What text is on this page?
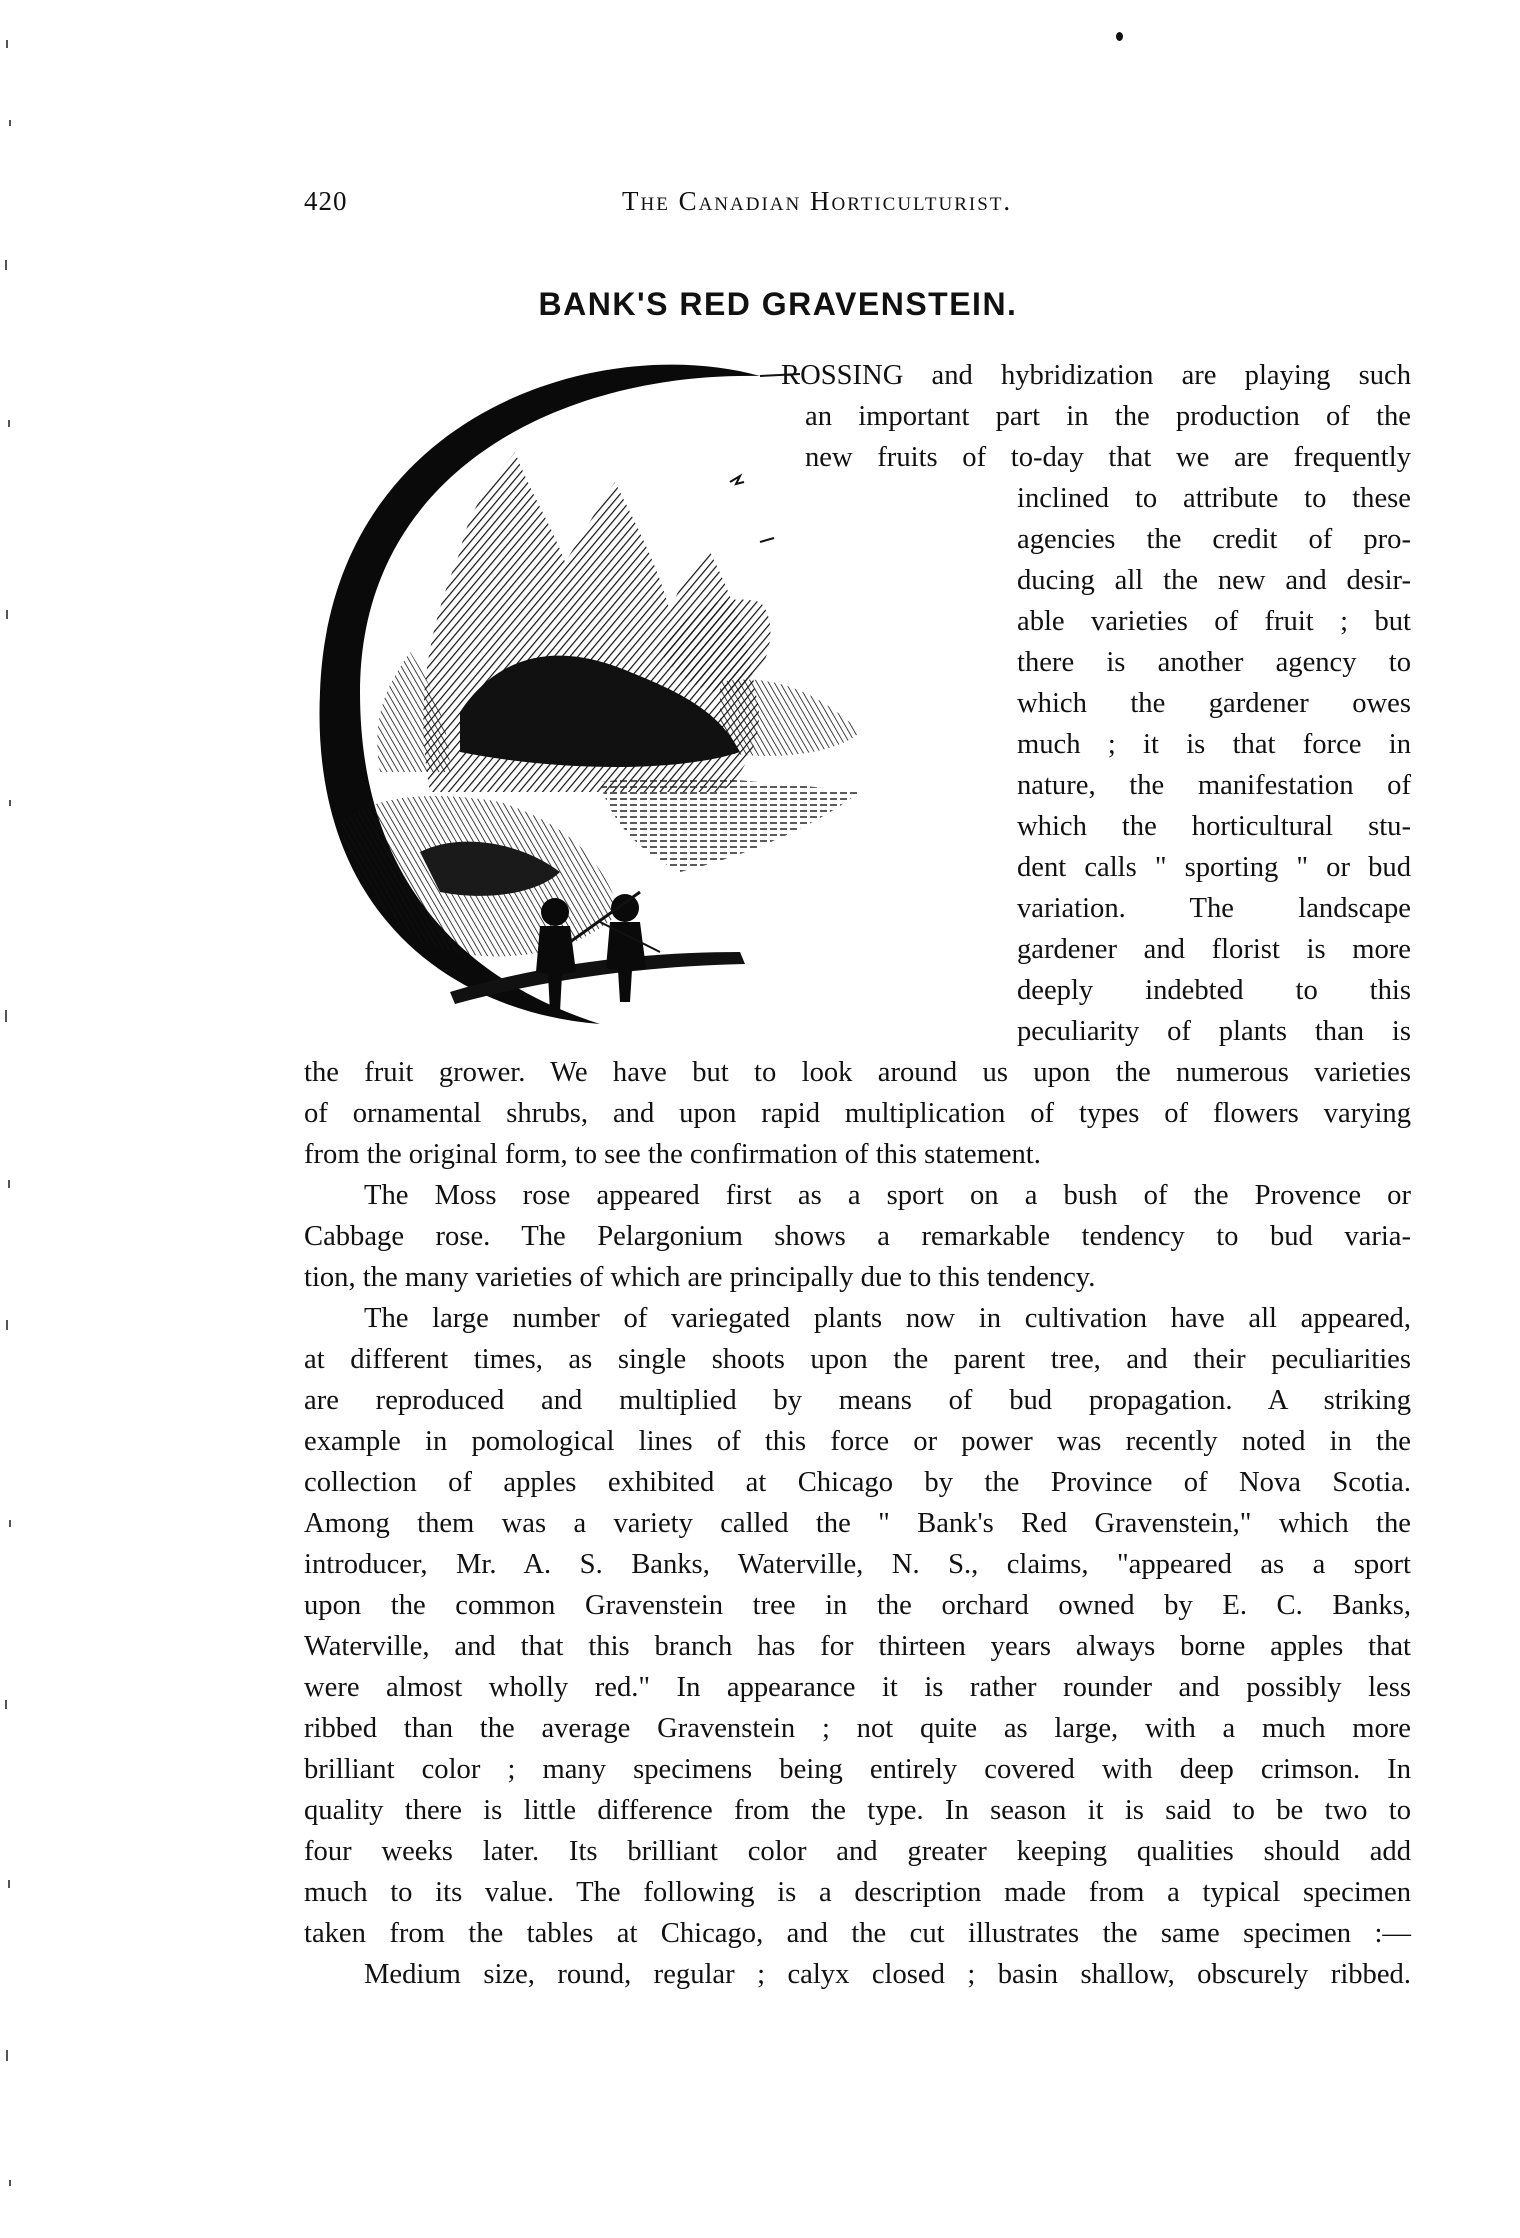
420	The Canadian Horticulturist.
BANK'S RED GRAVENSTEIN.
ROSSING and hybridization are playing such
an important part in the production of the
new fruits of to-day that we are frequently
inclined to attribute to these
agencies the credit of pro-
ducing all the new and desir-
able varieties of fruit ; but
there is another agency to
which the gardener owes
much ; it is that force in
nature, the manifestation of
which the horticultural stu-
dent calls " sporting " or bud
variation. The landscape
gardener and florist is more
deeply indebted to this
peculiarity of plants than is
the fruit grower. We have but to look around us upon the numerous varieties
of ornamental shrubs, and upon rapid multiplication of types of flowers varying
from the original form, to see the confirmation of this statement.
The Moss rose appeared first as a sport on a bush of the Provence or
Cabbage rose. The Pelargonium shows a remarkable tendency to bud varia-
tion, the many varieties of which are principally due to this tendency.
The large number of variegated plants now in cultivation have all appeared,
at different times, as single shoots upon the parent tree, and their peculiarities
are reproduced and multiplied by means of bud propagation. A striking
example in pomological lines of this force or power was recently noted in the
collection of apples exhibited at Chicago by the Province of Nova Scotia.
Among them was a variety called the " Bank's Red Gravenstein," which the
introducer, Mr. A. S. Banks, Waterville, N. S., claims, "appeared as a sport
upon the common Gravenstein tree in the orchard owned by E. C. Banks,
Waterville, and that this branch has for thirteen years always borne apples that
were almost wholly red." In appearance it is rather rounder and possibly less
ribbed than the average Gravenstein ; not quite as large, with a much more
brilliant color ; many specimens being entirely covered with deep crimson. In
quality there is little difference from the type. In season it is said to be two to
four weeks later. Its brilliant color and greater keeping qualities should add
much to its value. The following is a description made from a typical specimen
taken from the tables at Chicago, and the cut illustrates the same specimen :—
Medium size, round, regular ; calyx closed ; basin shallow, obscurely ribbed.
